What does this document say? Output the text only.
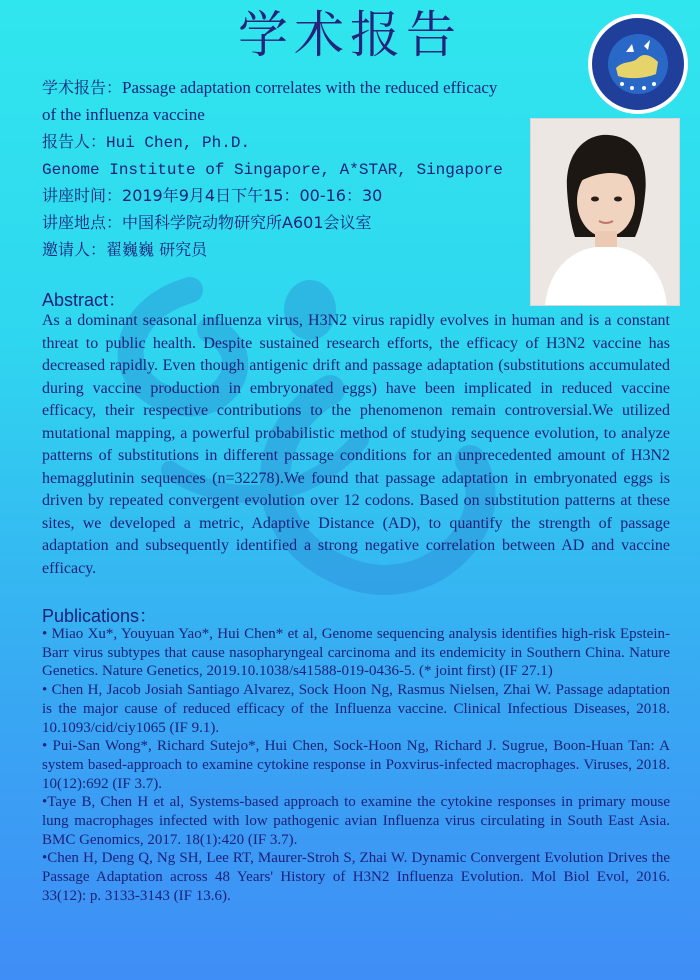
学术报告
学术报告：Passage adaptation correlates with the reduced efficacy
of the influenza vaccine
报告人：Hui Chen, Ph.D.
Genome Institute of Singapore, A*STAR, Singapore
讲座时间：2019年9月4日下午15：00-16：30
讲座地点：中国科学院动物研究所A601会议室
邀请人：翟巍巍 研究员
Abstract：
As a dominant seasonal influenza virus, H3N2 virus rapidly evolves in human and is a constant threat to public health. Despite sustained research efforts, the efficacy of H3N2 vaccine has decreased rapidly. Even though antigenic drift and passage adaptation (substitutions accumulated during vaccine production in embryonated eggs) have been implicated in reduced vaccine efficacy, their respective contributions to the phenomenon remain controversial.We utilized mutational mapping, a powerful probabilistic method of studying sequence evolution, to analyze patterns of substitutions in different passage conditions for an unprecedented amount of H3N2 hemagglutinin sequences (n=32278).We found that passage adaptation in embryonated eggs is driven by repeated convergent evolution over 12 codons. Based on substitution patterns at these sites, we developed a metric, Adaptive Distance (AD), to quantify the strength of passage adaptation and subsequently identified a strong negative correlation between AD and vaccine efficacy.
Publications：

• Miao Xu*, Youyuan Yao*, Hui Chen* et al, Genome sequencing analysis identifies high-risk Epstein-Barr virus subtypes that cause nasopharyngeal carcinoma and its endemicity in Southern China. Nature Genetics. Nature Genetics, 2019.10.1038/s41588-019-0436-5. (* joint first) (IF 27.1)

• Chen H, Jacob Josiah Santiago Alvarez, Sock Hoon Ng, Rasmus Nielsen, Zhai W. Passage adaptation is the major cause of reduced efficacy of the Influenza vaccine. Clinical Infectious Diseases, 2018. 10.1093/cid/ciy1065 (IF 9.1).

• Pui-San Wong*, Richard Sutejo*, Hui Chen, Sock-Hoon Ng, Richard J. Sugrue, Boon-Huan Tan: A system based-approach to examine cytokine response in Poxvirus-infected macrophages. Viruses, 2018. 10(12):692 (IF 3.7).

•Taye B, Chen H et al, Systems-based approach to examine the cytokine responses in primary mouse lung macrophages infected with low pathogenic avian Influenza virus circulating in South East Asia. BMC Genomics, 2017. 18(1):420 (IF 3.7).

•Chen H, Deng Q, Ng SH, Lee RT, Maurer-Stroh S, Zhai W. Dynamic Convergent Evolution Drives the Passage Adaptation across 48 Years' History of H3N2 Influenza Evolution. Mol Biol Evol, 2016. 33(12): p. 3133-3143 (IF 13.6).
